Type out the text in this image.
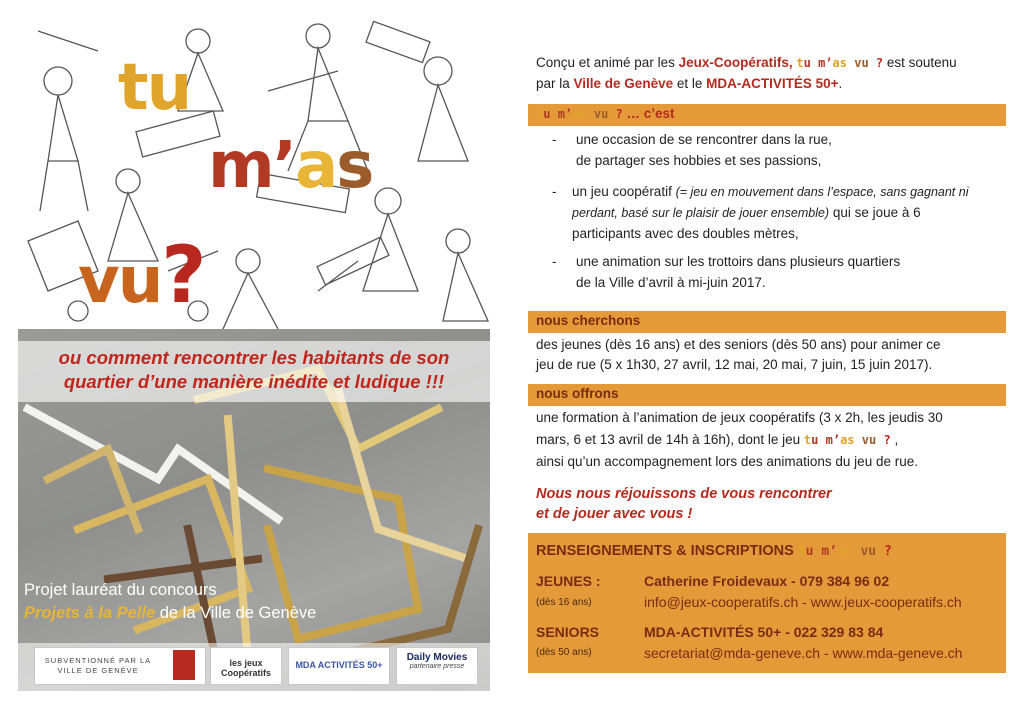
tu
m’as
vu?
ou comment rencontrer les habitants de son
quartier d’une manière inédite et ludique !!!
Projet lauréat du concours
Projets à la Pelle de la Ville de Genève
SUBVENTIONNÉ PAR LA VILLE DE GENÈVE
les jeux Coopératifs
MDA ACTIVITÉS 50+
Daily Movies
partenaire presse
Conçu et animé par les Jeux-Coopératifs, tu m’as vu ? est soutenu
par la Ville de Genève et le MDA-ACTIVITÉS 50+.
tu m’as vu ? … c’est
- une occasion de se rencontrer dans la rue,
de partager ses hobbies et ses passions,
- un jeu coopératif (= jeu en mouvement dans l’espace, sans gagnant ni
perdant, basé sur le plaisir de jouer ensemble) qui se joue à 6
participants avec des doubles mètres,
- une animation sur les trottoirs dans plusieurs quartiers
de la Ville d’avril à mi-juin 2017.
nous cherchons
des jeunes (dès 16 ans) et des seniors (dès 50 ans) pour animer ce
jeu de rue (5 x 1h30, 27 avril, 12 mai, 20 mai, 7 juin, 15 juin 2017).
nous offrons
une formation à l’animation de jeux coopératifs (3 x 2h, les jeudis 30
mars, 6 et 13 avril de 14h à 16h), dont le jeu tu m’as vu ? ,
ainsi qu’un accompagnement lors des animations du jeu de rue.
Nous nous réjouissons de vous rencontrer
et de jouer avec vous !
RENSEIGNEMENTS & INSCRIPTIONS tu m’as vu ?
JEUNES :
(dès 16 ans)
Catherine Froidevaux - 079 384 96 02
info@jeux-cooperatifs.ch - www.jeux-cooperatifs.ch
SENIORS
(dès 50 ans)
MDA-ACTIVITÉS 50+ - 022 329 83 84
secretariat@mda-geneve.ch - www.mda-geneve.ch
